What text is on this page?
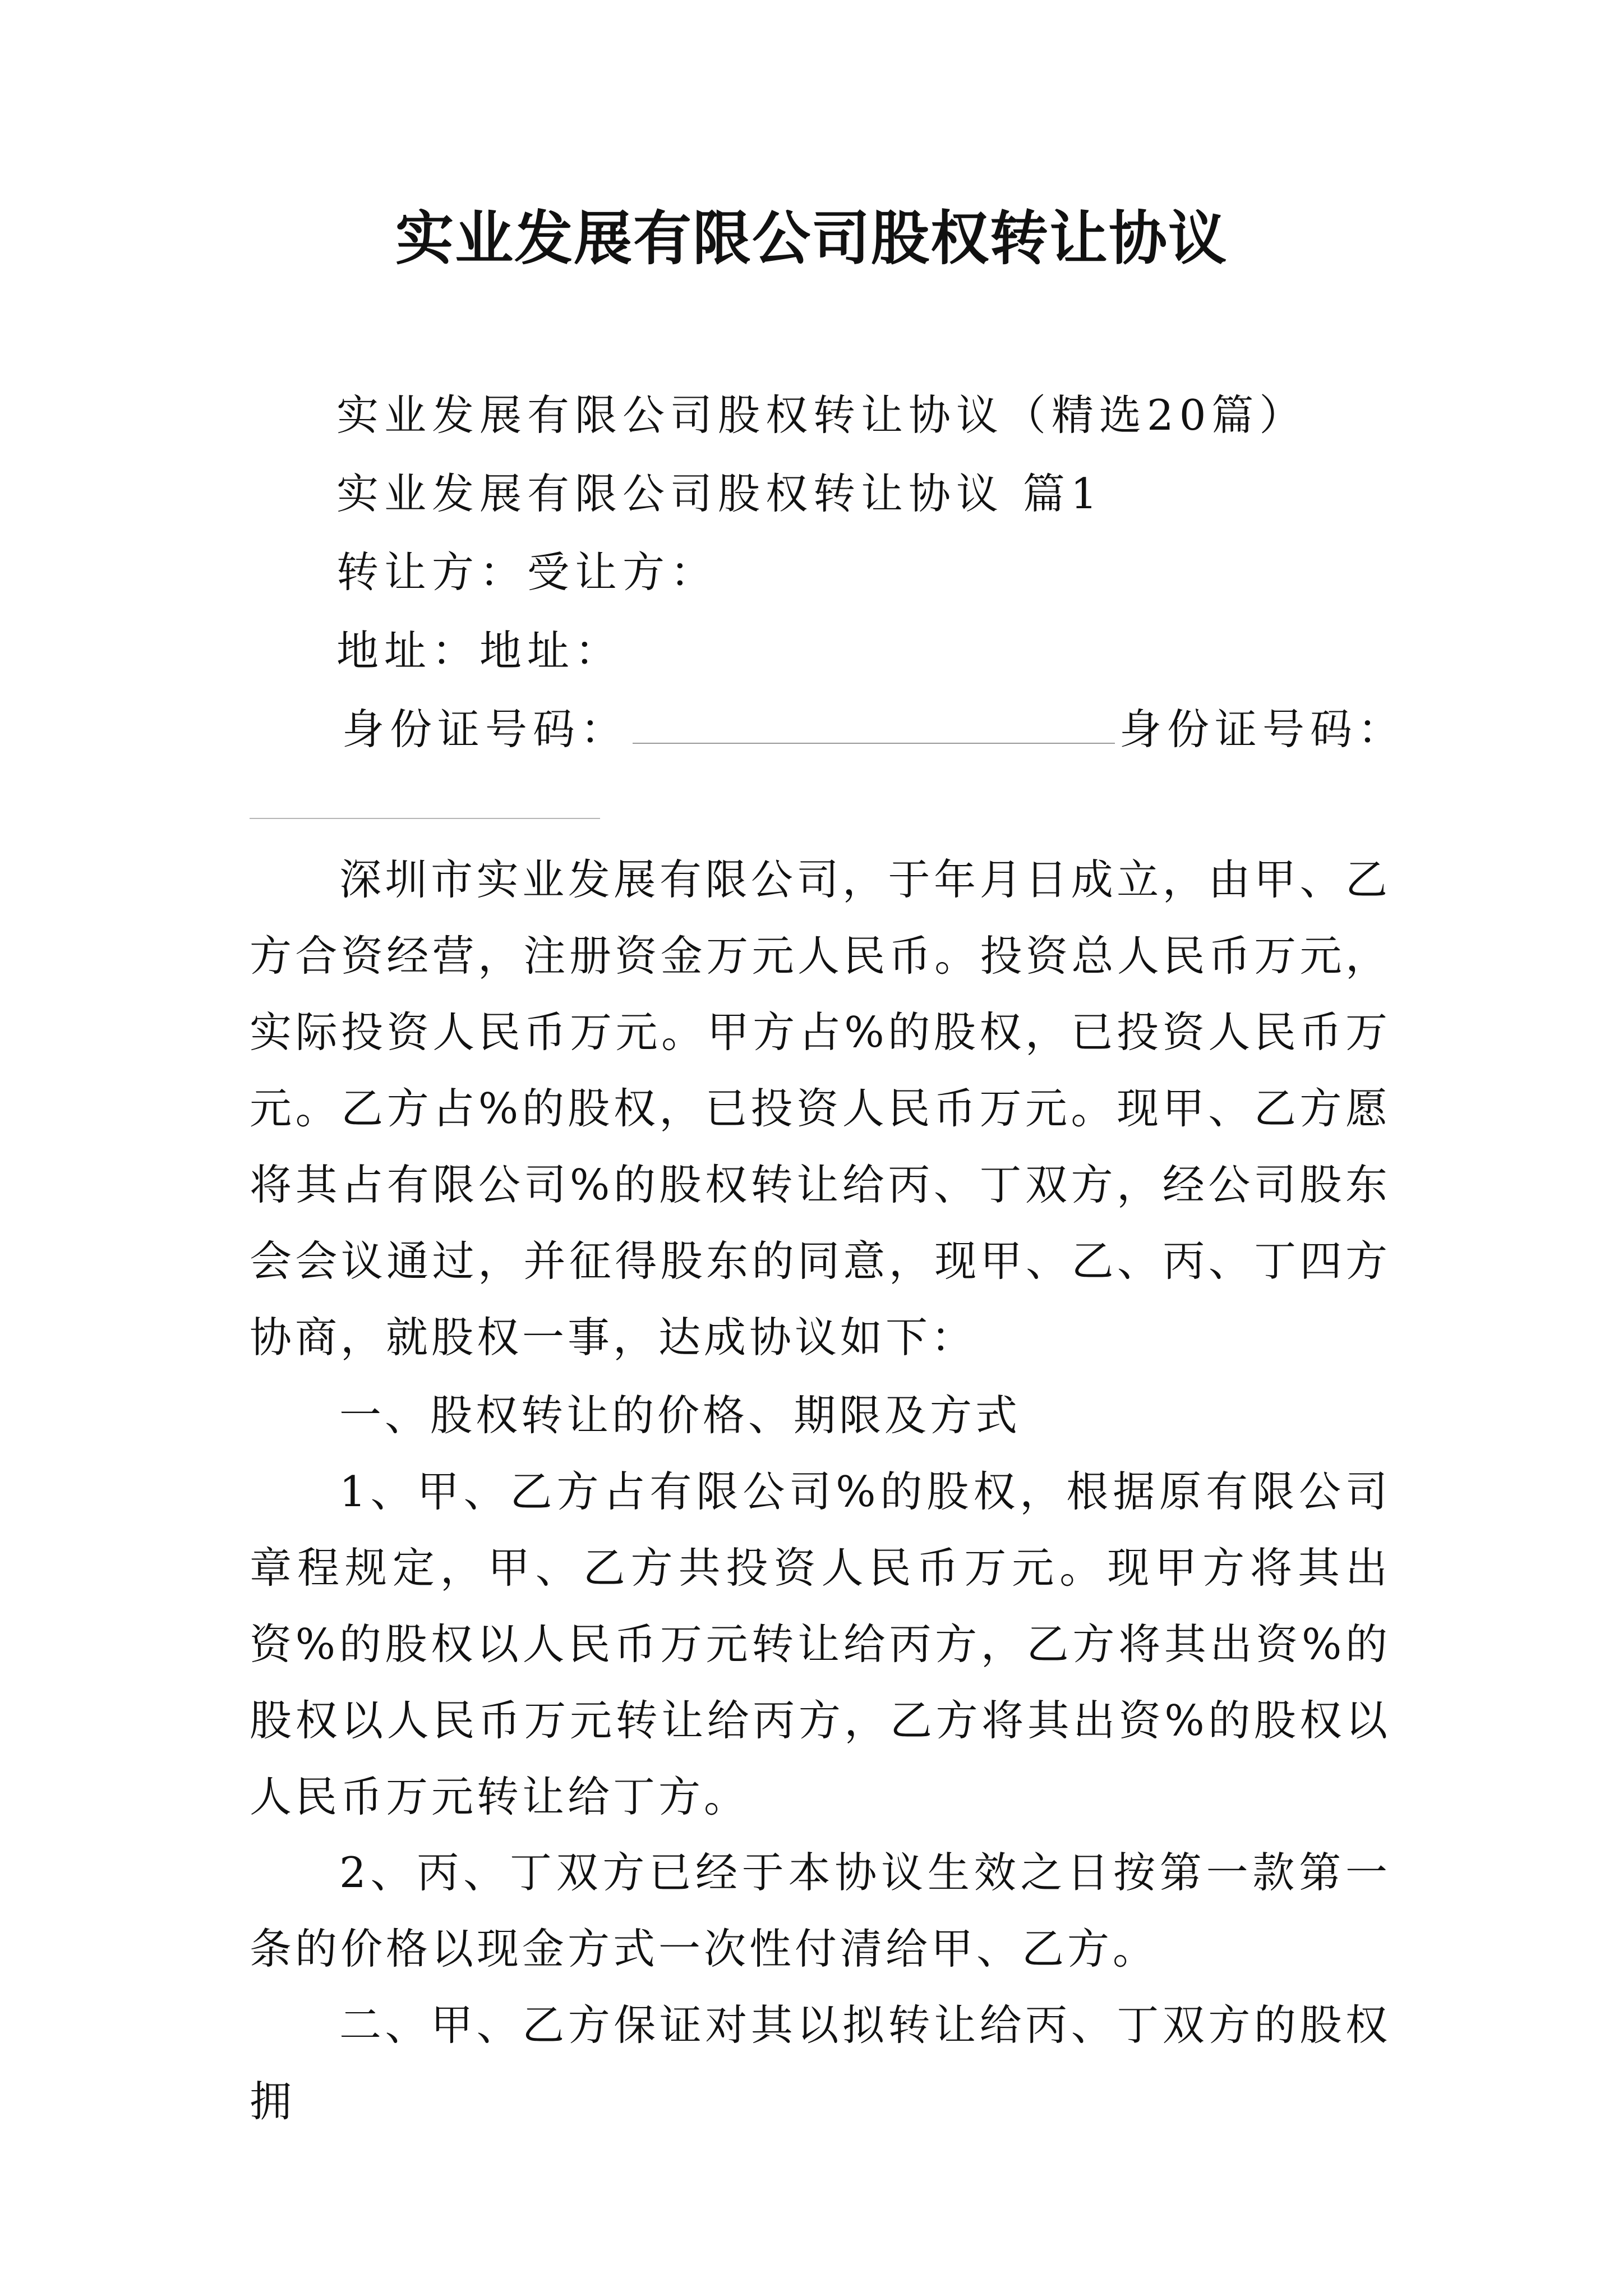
实业发展有限公司股权转让协议
实业发展有限公司股权转让协议（精选20篇）
实业发展有限公司股权转让协议 篇1
转让方：受让方：
地址：地址：
身份证号码：	身份证号码：

深圳市实业发展有限公司，于年月日成立，由甲、乙方合资经营，注册资金万元人民币。投资总人民币万元，实际投资人民币万元。甲方占%的股权，已投资人民币万元。乙方占%的股权，已投资人民币万元。现甲、乙方愿将其占有限公司%的股权转让给丙、丁双方，经公司股东会会议通过，并征得股东的同意，现甲、乙、丙、丁四方协商，就股权一事，达成协议如下：

一、股权转让的价格、期限及方式

1、甲、乙方占有限公司%的股权，根据原有限公司章程规定，甲、乙方共投资人民币万元。现甲方将其出资%的股权以人民币万元转让给丙方，乙方将其出资%的股权以人民币万元转让给丙方，乙方将其出资%的股权以人民币万元转让给丁方。

2、丙、丁双方已经于本协议生效之日按第一款第一条的价格以现金方式一次性付清给甲、乙方。

二、甲、乙方保证对其以拟转让给丙、丁双方的股权拥
